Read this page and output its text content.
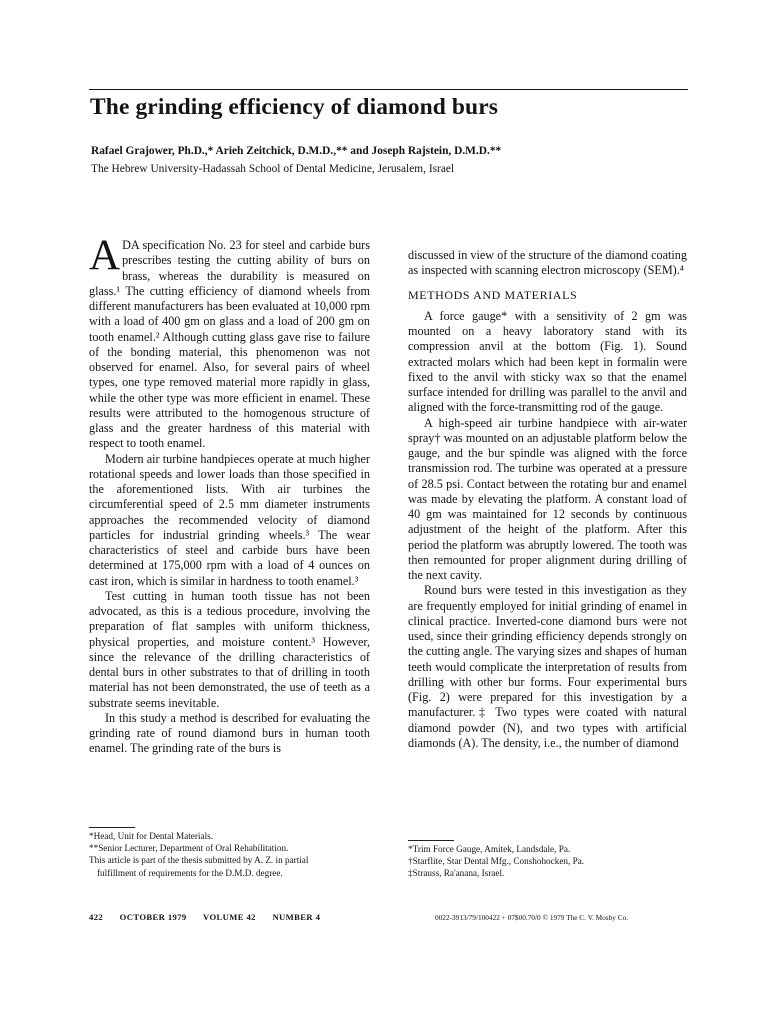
The grinding efficiency of diamond burs
Rafael Grajower, Ph.D.,* Arieh Zeitchick, D.M.D.,** and Joseph Rajstein, D.M.D.**
The Hebrew University-Hadassah School of Dental Medicine, Jerusalem, Israel

ADA specification No. 23 for steel and carbide burs prescribes testing the cutting ability of burs on brass, whereas the durability is measured on glass.¹ The cutting efficiency of diamond wheels from different manufacturers has been evaluated at 10,000 rpm with a load of 400 gm on glass and a load of 200 gm on tooth enamel.² Although cutting glass gave rise to failure of the bonding material, this phenomenon was not observed for enamel. Also, for several pairs of wheel types, one type removed material more rapidly in glass, while the other type was more efficient in enamel. These results were attributed to the homogenous structure of glass and the greater hardness of this material with respect to tooth enamel.

Modern air turbine handpieces operate at much higher rotational speeds and lower loads than those specified in the aforementioned lists. With air turbines the circumferential speed of 2.5 mm diameter instruments approaches the recommended velocity of diamond particles for industrial grinding wheels.³ The wear characteristics of steel and carbide burs have been determined at 175,000 rpm with a load of 4 ounces on cast iron, which is similar in hardness to tooth enamel.³

Test cutting in human tooth tissue has not been advocated, as this is a tedious procedure, involving the preparation of flat samples with uniform thickness, physical properties, and moisture content.³ However, since the relevance of the drilling characteristics of dental burs in other substrates to that of drilling in tooth material has not been demonstrated, the use of teeth as a substrate seems inevitable.

In this study a method is described for evaluating the grinding rate of round diamond burs in human tooth enamel. The grinding rate of the burs is

discussed in view of the structure of the diamond coating as inspected with scanning electron microscopy (SEM).⁴

METHODS AND MATERIALS

A force gauge* with a sensitivity of 2 gm was mounted on a heavy laboratory stand with its compression anvil at the bottom (Fig. 1). Sound extracted molars which had been kept in formalin were fixed to the anvil with sticky wax so that the enamel surface intended for drilling was parallel to the anvil and aligned with the force-transmitting rod of the gauge.

A high-speed air turbine handpiece with air-water spray† was mounted on an adjustable platform below the gauge, and the bur spindle was aligned with the force transmission rod. The turbine was operated at a pressure of 28.5 psi. Contact between the rotating bur and enamel was made by elevating the platform. A constant load of 40 gm was maintained for 12 seconds by continuous adjustment of the height of the platform. After this period the platform was abruptly lowered. The tooth was then remounted for proper alignment during drilling of the next cavity.

Round burs were tested in this investigation as they are frequently employed for initial grinding of enamel in clinical practice. Inverted-cone diamond burs were not used, since their grinding efficiency depends strongly on the cutting angle. The varying sizes and shapes of human teeth would complicate the interpretation of results from drilling with other bur forms. Four experimental burs (Fig. 2) were prepared for this investigation by a manufacturer.‡ Two types were coated with natural diamond powder (N), and two types with artificial diamonds (A). The density, i.e., the number of diamond

*Head, Unit for Dental Materials.
**Senior Lecturer, Department of Oral Rehabilitation.
This article is part of the thesis submitted by A. Z. in partial
fulfillment of requirements for the D.M.D. degree.
*Trim Force Gauge, Amitek, Landsdale, Pa.
†Starflite, Star Dental Mfg., Conshohocken, Pa.
‡Strauss, Ra'anana, Israel.
422 OCTOBER 1979 VOLUME 42 NUMBER 4	0022-3913/79/100422 + 07$00.70/0 © 1979 The C. V. Mosby Co.
